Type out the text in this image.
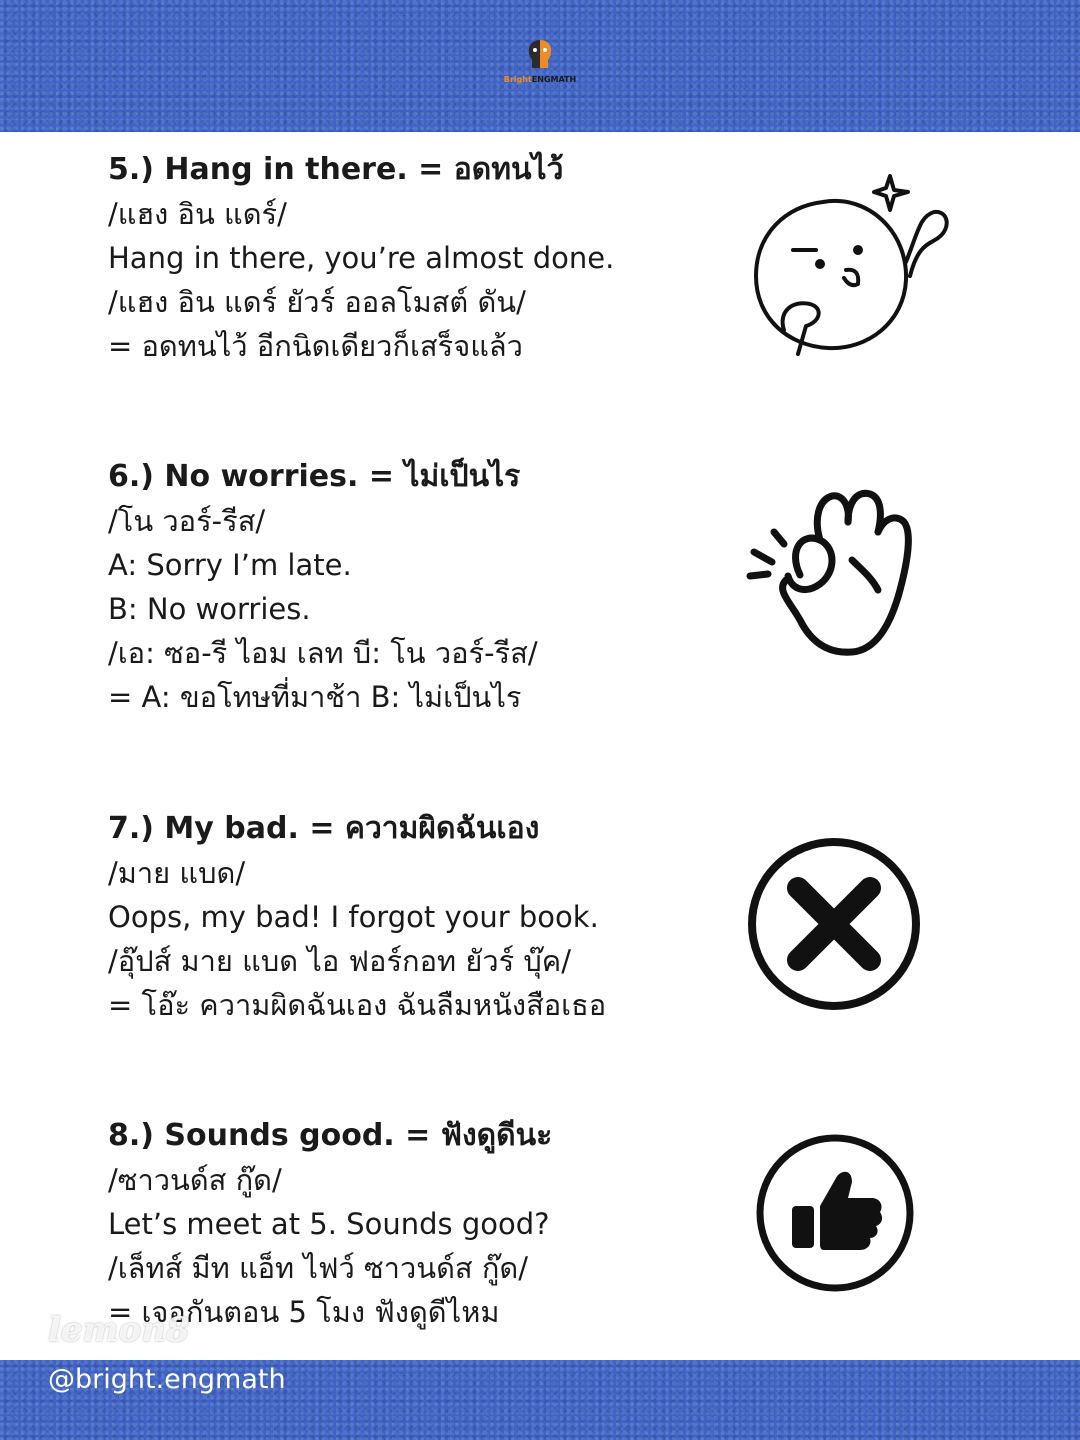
BrightENGMATH
5.) Hang in there. = อดทนไว้
/แฮง อิน แดร์/
Hang in there, you’re almost done.
/แฮง อิน แดร์ ยัวร์ ออลโมสต์ ดัน/
= อดทนไว้ อีกนิดเดียวก็เสร็จแล้ว
6.) No worries. = ไม่เป็นไร
/โน วอร์-รีส/
A: Sorry I’m late.
B: No worries.
/เอ: ซอ-รี ไอม เลท บี: โน วอร์-รีส/
= A: ขอโทษที่มาช้า B: ไม่เป็นไร
7.) My bad. = ความผิดฉันเอง
/มาย แบด/
Oops, my bad! I forgot your book.
/อุ๊ปส์ มาย แบด ไอ ฟอร์กอท ยัวร์ บุ๊ค/
= โอ๊ะ ความผิดฉันเอง ฉันลืมหนังสือเธอ
8.) Sounds good. = ฟังดูดีนะ
/ซาวนด์ส กู๊ด/
Let’s meet at 5. Sounds good?
/เล็ทส์ มีท แอ็ท ไฟว์ ซาวนด์ส กู๊ด/
= เจอกันตอน 5 โมง ฟังดูดีไหม
lemon8
@bright.engmath
